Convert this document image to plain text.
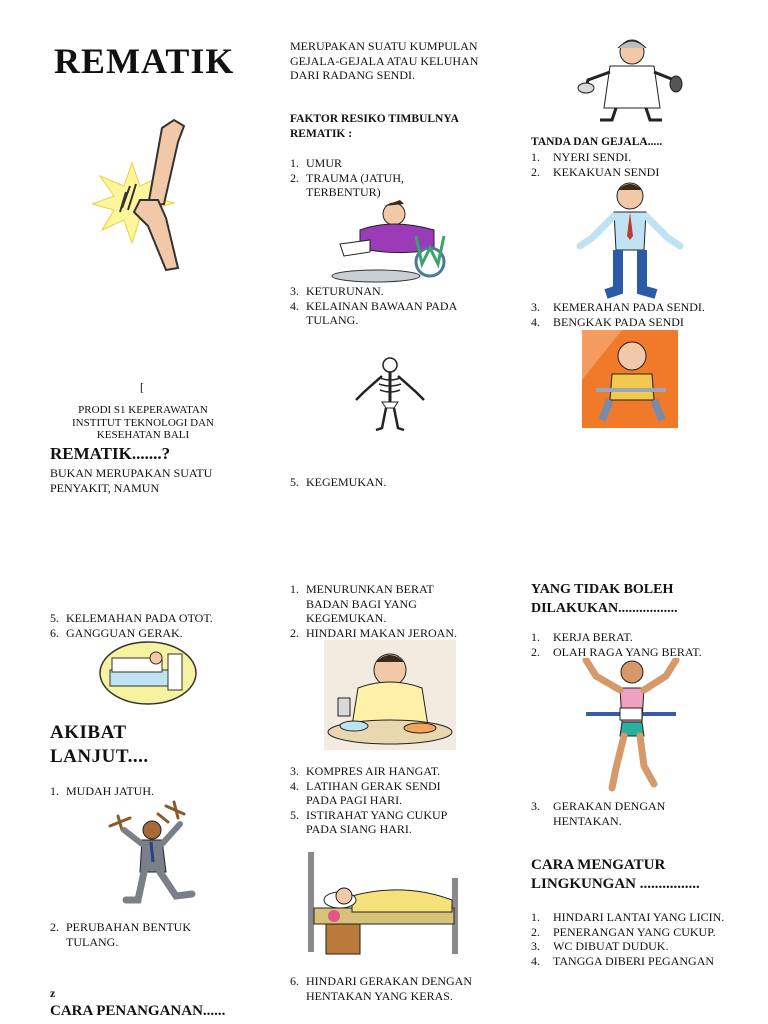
REMATIK
[
PRODI S1 KEPERAWATAN
INSTITUT TEKNOLOGI DAN
KESEHATAN BALI
REMATIK.......?

BUKAN MERUPAKAN SUATU PENYAKIT, NAMUN

5. KELEMAHAN PADA OTOT.
6. GANGGUAN GERAK.
AKIBAT LANJUT....
1. MUDAH JATUH.
2. PERUBAHAN BENTUK TULANG.
z
CARA PENANGANAN......

MERUPAKAN SUATU KUMPULAN GEJALA-GEJALA ATAU KELUHAN DARI RADANG SENDI.

FAKTOR RESIKO TIMBULNYA REMATIK :

1. UMUR
2. TRAUMA (JATUH, TERBENTUR)
3. KETURUNAN.
4. KELAINAN BAWAAN PADA TULANG.
5. KEGEMUKAN.
1. MENURUNKAN BERAT BADAN BAGI YANG KEGEMUKAN.
2. HINDARI MAKAN JEROAN.
3. KOMPRES AIR HANGAT.
4. LATIHAN GERAK SENDI PADA PAGI HARI.
5. ISTIRAHAT YANG CUKUP PADA SIANG HARI.
6. HINDARI GERAKAN DENGAN HENTAKAN YANG KERAS.
TANDA DAN GEJALA.....
1. NYERI SENDI.
2. KEKAKUAN SENDI
3. KEMERAHAN PADA SENDI.
4. BENGKAK PADA SENDI
YANG TIDAK BOLEH DILAKUKAN.................
1. KERJA BERAT.
2. OLAH RAGA YANG BERAT.
3. GERAKAN DENGAN HENTAKAN.
CARA MENGATUR LINGKUNGAN ................
1. HINDARI LANTAI YANG LICIN.
2. PENERANGAN YANG CUKUP.
3. WC DIBUAT DUDUK.
4. TANGGA DIBERI PEGANGAN
